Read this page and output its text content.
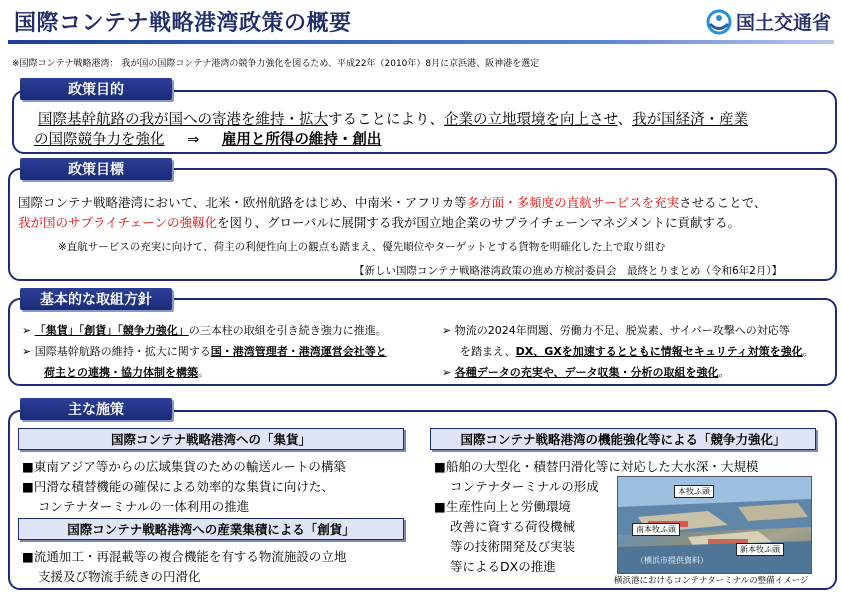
国際コンテナ戦略港湾政策の概要	国土交通省
※国際コンテナ戦略港湾： 我が国の国際コンテナ港湾の競争力強化を図るため、平成22年（2010年）8月に京浜港、阪神港を選定
政策目的
国際基幹航路の我が国への寄港を維持・拡大することにより、企業の立地環境を向上させ、我が国経済・産業
の国際競争力を強化 ⇒ 雇用と所得の維持・創出
政策目標
国際コンテナ戦略港湾において、北米・欧州航路をはじめ、中南米・アフリカ等多方面・多頻度の直航サービスを充実させることで、
我が国のサプライチェーンの強靱化を図り、グローバルに展開する我が国立地企業のサプライチェーンマネジメントに貢献する。
※直航サービスの充実に向けて、荷主の利便性向上の観点も踏まえ、優先順位やターゲットとする貨物を明確化した上で取り組む
【新しい国際コンテナ戦略港湾政策の進め方検討委員会　最終とりまとめ（令和6年2月）】
基本的な取組方針
➢ 「集貨」「創貨」「競争力強化」の三本柱の取組を引き続き強力に推進。
➢ 国際基幹航路の維持・拡大に関する国・港湾管理者・港湾運営会社等と
荷主との連携・協力体制を構築。
➢ 物流の2024年問題、労働力不足、脱炭素、サイバー攻撃への対応等
を踏まえ、DX、GXを加速するとともに情報セキュリティ対策を強化。
➢ 各種データの充実や、データ収集・分析の取組を強化。
主な施策
国際コンテナ戦略港湾への「集貨」
■東南アジア等からの広域集貨のための輸送ルートの構築
■円滑な積替機能の確保による効率的な集貨に向けた、
コンテナターミナルの一体利用の推進
国際コンテナ戦略港湾への産業集積による「創貨」
■流通加工・再混載等の複合機能を有する物流施設の立地
支援及び物流手続きの円滑化
国際コンテナ戦略港湾の機能強化等による「競争力強化」
■船舶の大型化・積替円滑化等に対応した大水深・大規模
コンテナターミナルの形成
■生産性向上と労働環境
改善に資する荷役機械
等の技術開発及び実装
等によるDXの推進
本牧ふ頭
南本牧ふ頭
新本牧ふ頭
（横浜市提供資料）
横浜港におけるコンテナターミナルの整備イメージ
